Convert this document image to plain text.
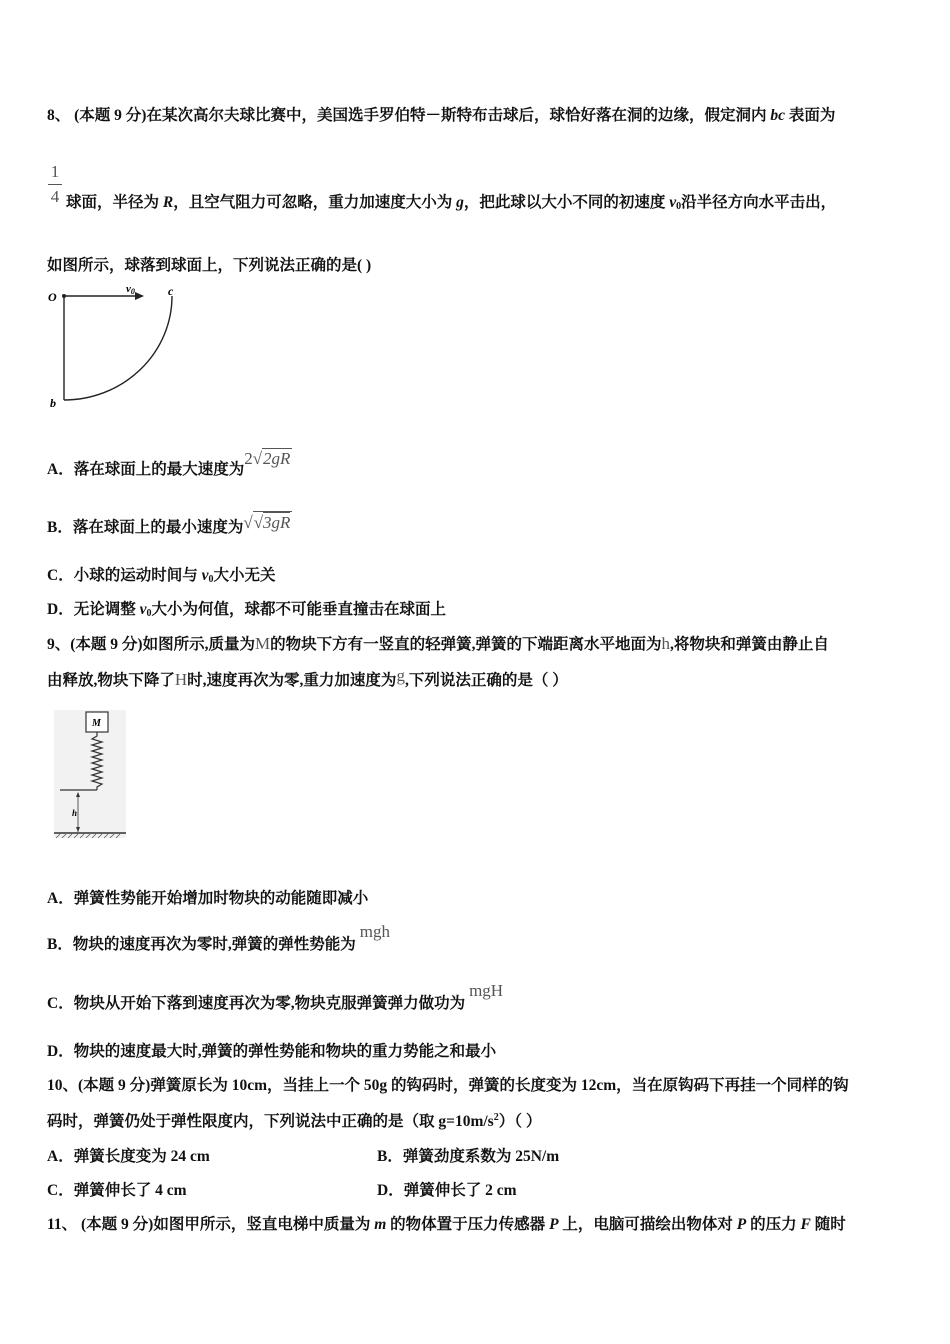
8、 (本题 9 分)在某次高尔夫球比赛中，美国选手罗伯特－斯特布击球后，球恰好落在洞的边缘，假定洞内 bc 表面为
1
4 球面，半径为 R，且空气阻力可忽略，重力加速度大小为 g，把此球以大小不同的初速度 $v_0$沿半径方向水平击出，
如图所示，球落到球面上，下列说法正确的是( )
O
v0	c
b
A．落在球面上的最大速度为2√2gR
B．落在球面上的最小速度为√√3gR
C．小球的运动时间与 $v_0$大小无关
D．无论调整 $v_0$大小为何值，球都不可能垂直撞击在球面上
9、(本题 9 分)如图所示,质量为M的物块下方有一竖直的轻弹簧,弹簧的下端距离水平地面为h,将物块和弹簧由静止自
由释放,物块下降了H时,速度再次为零,重力加速度为g,下列说法正确的是（ ）
M
h
A．弹簧性势能开始增加时物块的动能随即减小
B．物块的速度再次为零时,弹簧的弹性势能为mgh
C．物块从开始下落到速度再次为零,物块克服弹簧弹力做功为mgH
D．物块的速度最大时,弹簧的弹性势能和物块的重力势能之和最小
10、(本题 9 分)弹簧原长为 10cm，当挂上一个 50g 的钩码时，弹簧的长度变为 12cm，当在原钩码下再挂一个同样的钩
码时，弹簧仍处于弹性限度内，下列说法中正确的是（取 $g=10m/s^2$）（ ）
A．弹簧长度变为 24 cm	B．弹簧劲度系数为 25N/m
C．弹簧伸长了 4 cm	D．弹簧伸长了 2 cm
11、 (本题 9 分)如图甲所示，竖直电梯中质量为 m 的物体置于压力传感器 P 上，电脑可描绘出物体对 P 的压力 F 随时
